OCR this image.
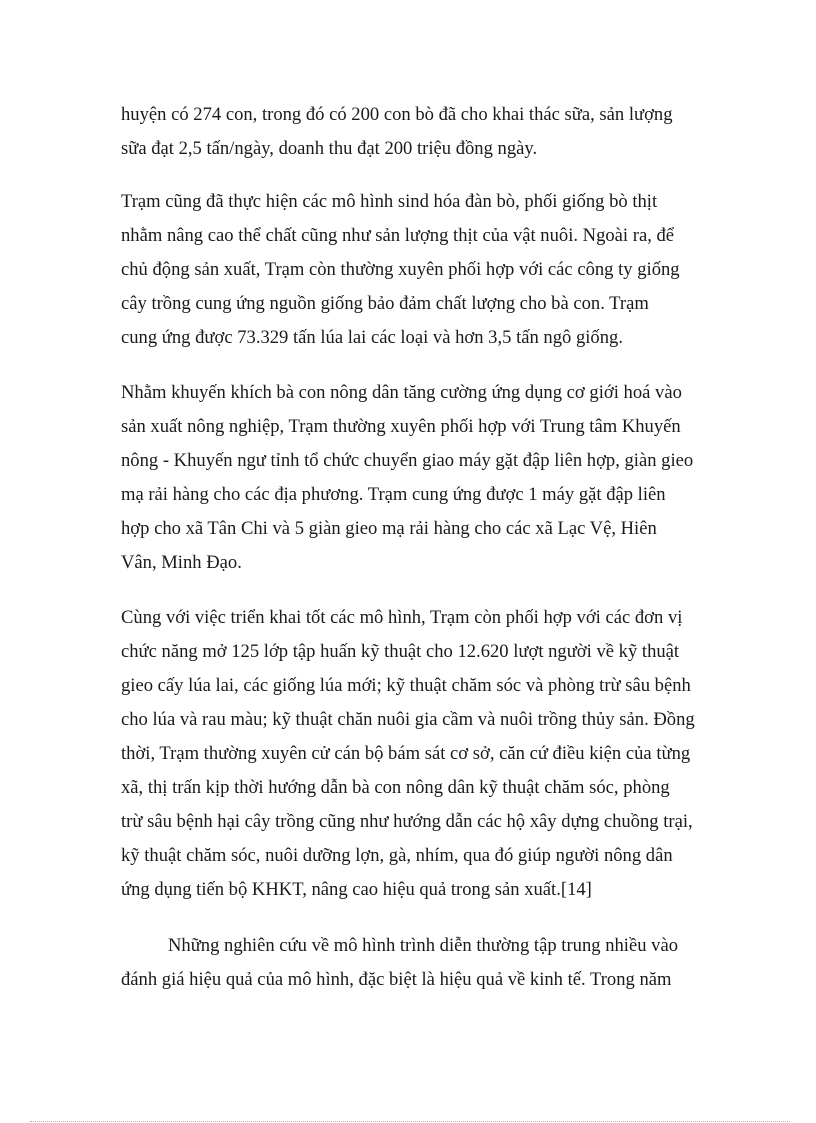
huyện có 274 con, trong đó có 200 con bò đã cho khai thác sữa, sản lượng
sữa đạt 2,5 tấn/ngày, doanh thu đạt 200 triệu đồng ngày.

Trạm cũng đã thực hiện các mô hình sind hóa đàn bò, phối giống bò thịt
nhằm nâng cao thể chất cũng như sản lượng thịt của vật nuôi. Ngoài ra, để
chủ động sản xuất, Trạm còn thường xuyên phối hợp với các công ty giống
cây trồng cung ứng nguồn giống bảo đảm chất lượng cho bà con. Trạm
cung ứng được 73.329 tấn lúa lai các loại và hơn 3,5 tấn ngô giống.

Nhằm khuyến khích bà con nông dân tăng cường ứng dụng cơ giới hoá vào
sản xuất nông nghiệp, Trạm thường xuyên phối hợp với Trung tâm Khuyến
nông - Khuyến ngư tỉnh tổ chức chuyển giao máy gặt đập liên hợp, giàn gieo
mạ rải hàng cho các địa phương. Trạm cung ứng được 1 máy gặt đập liên
hợp cho xã Tân Chi và 5 giàn gieo mạ rải hàng cho các xã Lạc Vệ, Hiên
Vân, Minh Đạo.

Cùng với việc triển khai tốt các mô hình, Trạm còn phối hợp với các đơn vị
chức năng mở 125 lớp tập huấn kỹ thuật cho 12.620 lượt người về kỹ thuật
gieo cấy lúa lai, các giống lúa mới; kỹ thuật chăm sóc và phòng trừ sâu bệnh
cho lúa và rau màu; kỹ thuật chăn nuôi gia cầm và nuôi trồng thủy sản. Đồng
thời, Trạm thường xuyên cử cán bộ bám sát cơ sở, căn cứ điều kiện của từng
xã, thị trấn kịp thời hướng dẫn bà con nông dân kỹ thuật chăm sóc, phòng
trừ sâu bệnh hại cây trồng cũng như hướng dẫn các hộ xây dựng chuồng trại,
kỹ thuật chăm sóc, nuôi dưỡng lợn, gà, nhím, qua đó giúp người nông dân
ứng dụng tiến bộ KHKT, nâng cao hiệu quả trong sản xuất.[14]

Những nghiên cứu về mô hình trình diễn thường tập trung nhiều vào
đánh giá hiệu quả của mô hình, đặc biệt là hiệu quả về kinh tế. Trong năm
